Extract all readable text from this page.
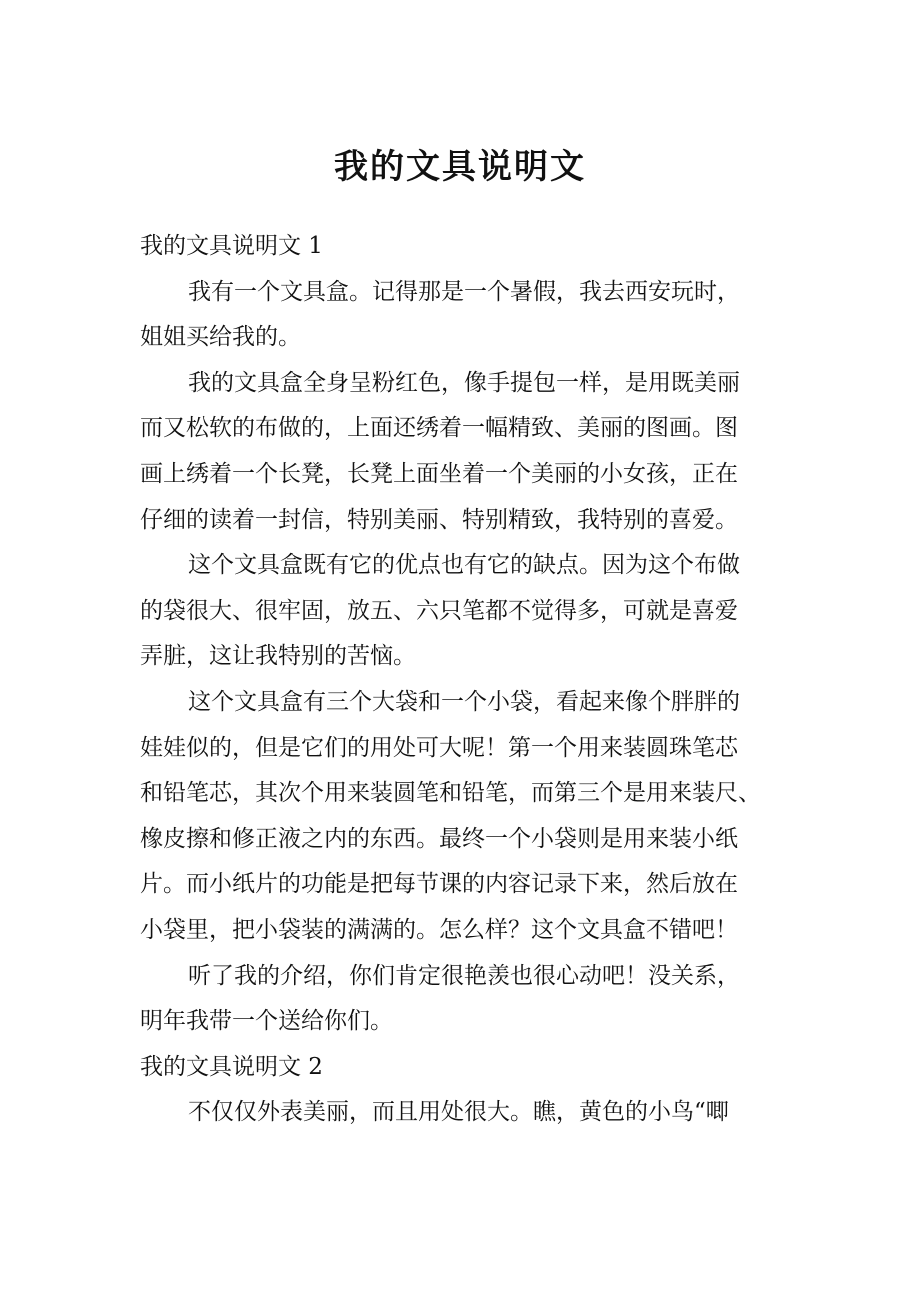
我的文具说明文
我的文具说明文 1
我有一个文具盒。记得那是一个暑假，我去西安玩时，
姐姐买给我的。
我的文具盒全身呈粉红色，像手提包一样，是用既美丽
而又松软的布做的，上面还绣着一幅精致、美丽的图画。图
画上绣着一个长凳，长凳上面坐着一个美丽的小女孩，正在
仔细的读着一封信，特别美丽、特别精致，我特别的喜爱。
这个文具盒既有它的优点也有它的缺点。因为这个布做
的袋很大、很牢固，放五、六只笔都不觉得多，可就是喜爱
弄脏，这让我特别的苦恼。
这个文具盒有三个大袋和一个小袋，看起来像个胖胖的
娃娃似的，但是它们的用处可大呢！第一个用来装圆珠笔芯
和铅笔芯，其次个用来装圆笔和铅笔，而第三个是用来装尺、
橡皮擦和修正液之内的东西。最终一个小袋则是用来装小纸
片。而小纸片的功能是把每节课的内容记录下来，然后放在
小袋里，把小袋装的满满的。怎么样？这个文具盒不错吧！
听了我的介绍，你们肯定很艳羡也很心动吧！没关系，
明年我带一个送给你们。
我的文具说明文 2
不仅仅外表美丽，而且用处很大。瞧，黄色的小鸟“唧
